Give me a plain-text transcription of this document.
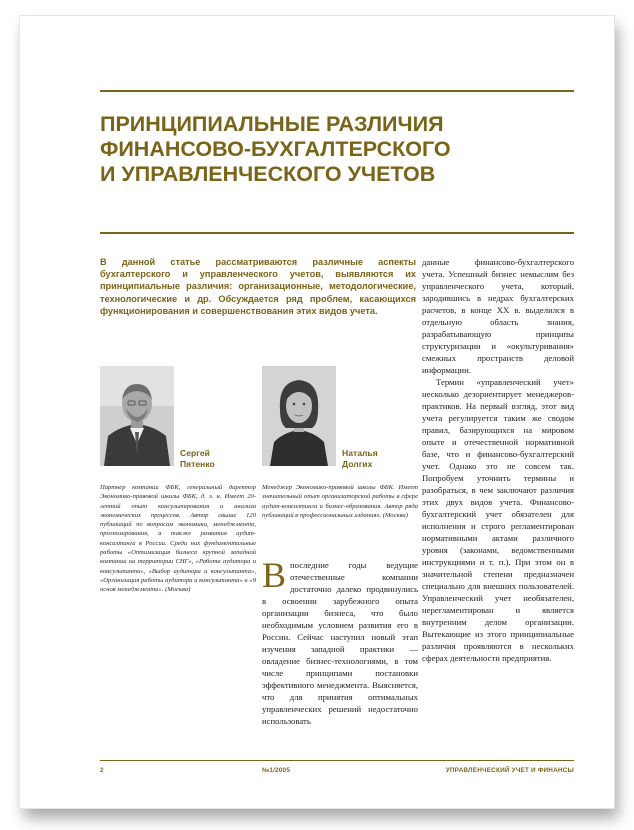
ПРИНЦИПИАЛЬНЫЕ РАЗЛИЧИЯ
ФИНАНСОВО-БУХГАЛТЕРСКОГО
И УПРАВЛЕНЧЕСКОГО УЧЕТОВ
В данной статье рассматриваются различные аспекты бухгалтерского и управленческого учетов, выявляются их принципиальные различия: организационные, методологические, технологические и др. Обсуждается ряд проблем, касающихся функционирования и совершенствования этих видов учета.
Сергей
Пятенко
Наталья
Долгих
Партнер компании ФБК, генеральный директор Экономико-правовой школы ФБК, д. э. н. Имеет 20-летний опыт консультирования и анализа экономических процессов. Автор свыше 120 публикаций по вопросам экономики, менеджмента, прогнозирования, а также развития аудит-консалтинга в России. Среди них фундаментальные работы «Оптимизация бизнеса крупной западной компании на территории СНГ», «Работа аудитора и консультанта», «Выбор аудитора и консультанта», «Организация работы аудитора и консультанта» и «9 основ менеджмента». (Москва)
Менеджер Экономико-правовой школы ФБК. Имеет значительный опыт организаторской работы в сфере аудит-консалтинга и бизнес-образования. Автор ряда публикаций в профессиональных изданиях. (Москва)
В последние годы ведущие отечественные компании достаточно далеко продвинулись в освоении зарубежного опыта организации бизнеса, что было необходимым условием развития его в России. Сейчас наступил новый этап изучения западной практики — овладение бизнес-технологиями, в том числе принципами постановки эффективного менеджмента. Выясняется, что для принятия оптимальных управленческих решений недостаточно использовать

данные финансово-бухгалтерского учета. Успешный бизнес немыслим без управленческого учета, который, зародившись в недрах бухгалтерских расчетов, в конце XX в. выделился в отдельную область знания, разрабатывающую принципы структуризации и «окультуривания» смежных пространств деловой информации.

Термин «управленческий учет» несколько дезориентирует менеджеров-практиков. На первый взгляд, этот вид учета регулируется таким же сводом правил, базирующихся на мировом опыте и отечественной нормативной базе, что и финансово-бухгалтерский учет. Однако это не совсем так. Попробуем уточнить термины и разобраться, в чем заключают различия этих двух видов учета. Финансово-бухгалтерский учет обязателен для исполнения и строго регламентирован нормативными актами различного уровня (законами, ведомственными инструкциями и т. п.). При этом он в значительной степени предназначен специально для внешних пользователей. Управленческий учет необязателен, нерегламентирован и является внутренним делом организации. Вытекающие из этого принципиальные различия проявляются в нескольких сферах деятельности предприятия.

2	№1/2005	УПРАВЛЕНЧЕСКИЙ УЧЕТ И ФИНАНСЫ
